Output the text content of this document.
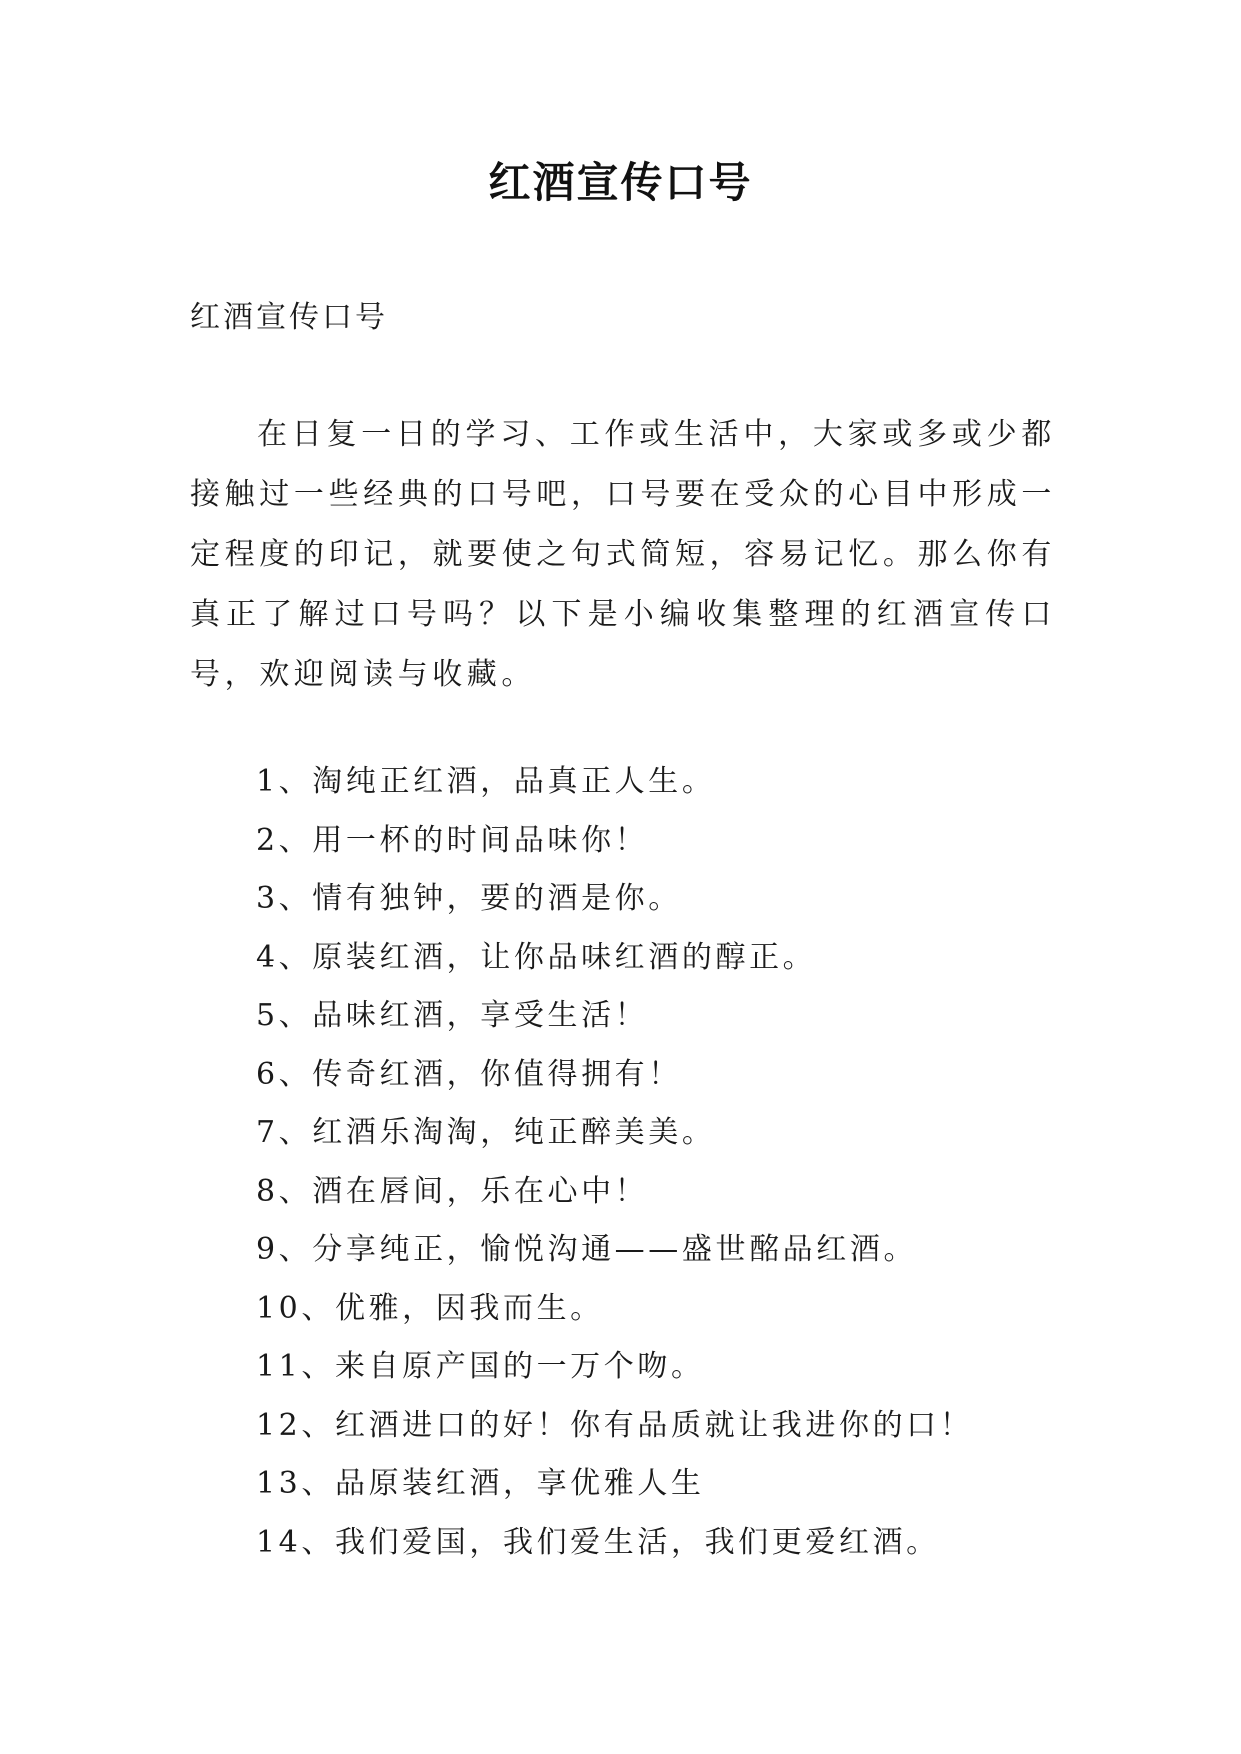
红酒宣传口号

红酒宣传口号

在日复一日的学习、工作或生活中，大家或多或少都接触过一些经典的口号吧，口号要在受众的心目中形成一定程度的印记，就要使之句式简短，容易记忆。那么你有真正了解过口号吗？以下是小编收集整理的红酒宣传口号，欢迎阅读与收藏。

1、淘纯正红酒，品真正人生。
2、用一杯的时间品味你！
3、情有独钟，要的酒是你。
4、原装红酒，让你品味红酒的醇正。
5、品味红酒，享受生活！
6、传奇红酒，你值得拥有！
7、红酒乐淘淘，纯正醉美美。
8、酒在唇间，乐在心中！
9、分享纯正，愉悦沟通——盛世酩品红酒。
10、优雅，因我而生。
11、来自原产国的一万个吻。
12、红酒进口的好！你有品质就让我进你的口！
13、品原装红酒，享优雅人生
14、我们爱国，我们爱生活，我们更爱红酒。
